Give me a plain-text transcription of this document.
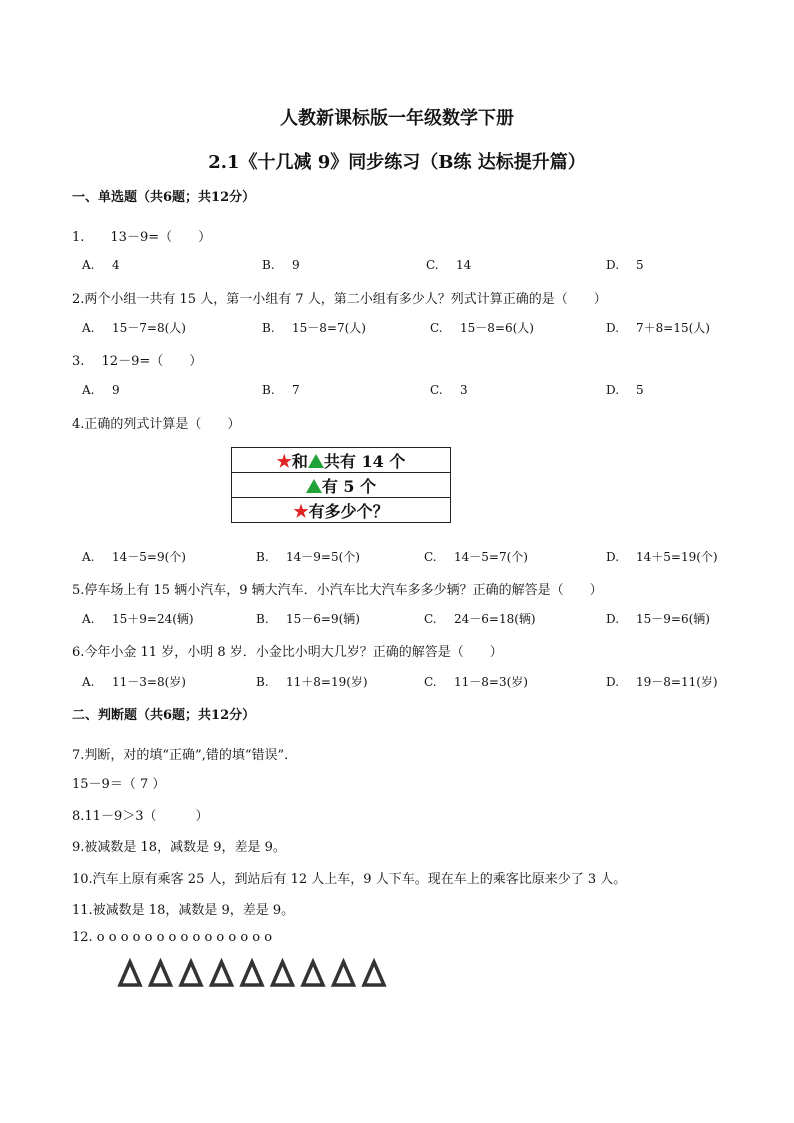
人教新课标版一年级数学下册
2.1《十几减 9》同步练习（B练 达标提升篇）
一、单选题（共6题；共12分）
1.　　13－9=（　　）
A. 4	B. 9	C. 14	D. 5
2.两个小组一共有 15 人，第一小组有 7 人，第二小组有多少人？列式计算正确的是（　　）
A. 15－7=8(人)	B. 15－8=7(人)	C. 15－8=6(人)	D. 7＋8=15(人)
3.　 12－9=（　　）
A. 9	B. 7	C. 3	D. 5
4.正确的列式计算是（　　）
★和 共有 14 个
有 5 个
★有多少个？
A. 14－5=9(个)	B. 14－9=5(个)	C. 14－5=7(个)	D. 14＋5=19(个)
5.停车场上有 15 辆小汽车，9 辆大汽车．小汽车比大汽车多多少辆？正确的解答是（　　）
A. 15＋9=24(辆)	B. 15－6=9(辆)	C. 24－6=18(辆)	D. 15－9=6(辆)
6.今年小金 11 岁，小明 8 岁．小金比小明大几岁？正确的解答是（　　）
A. 11－3=8(岁)	B. 11＋8=19(岁)	C. 11－8=3(岁)	D. 19－8=11(岁)
二、判断题（共6题；共12分）
7.判断，对的填“正确”,错的填“错误”．
15－9＝（ 7 ）
8.11－9＞3（　　　）
9.被减数是 18，减数是 9，差是 9。
10.汽车上原有乘客 25 人，到站后有 12 人上车，9 人下车。现在车上的乘客比原来少了 3 人。
11.被减数是 18，减数是 9，差是 9。
12. o o o o o o o o o o o o o o o
